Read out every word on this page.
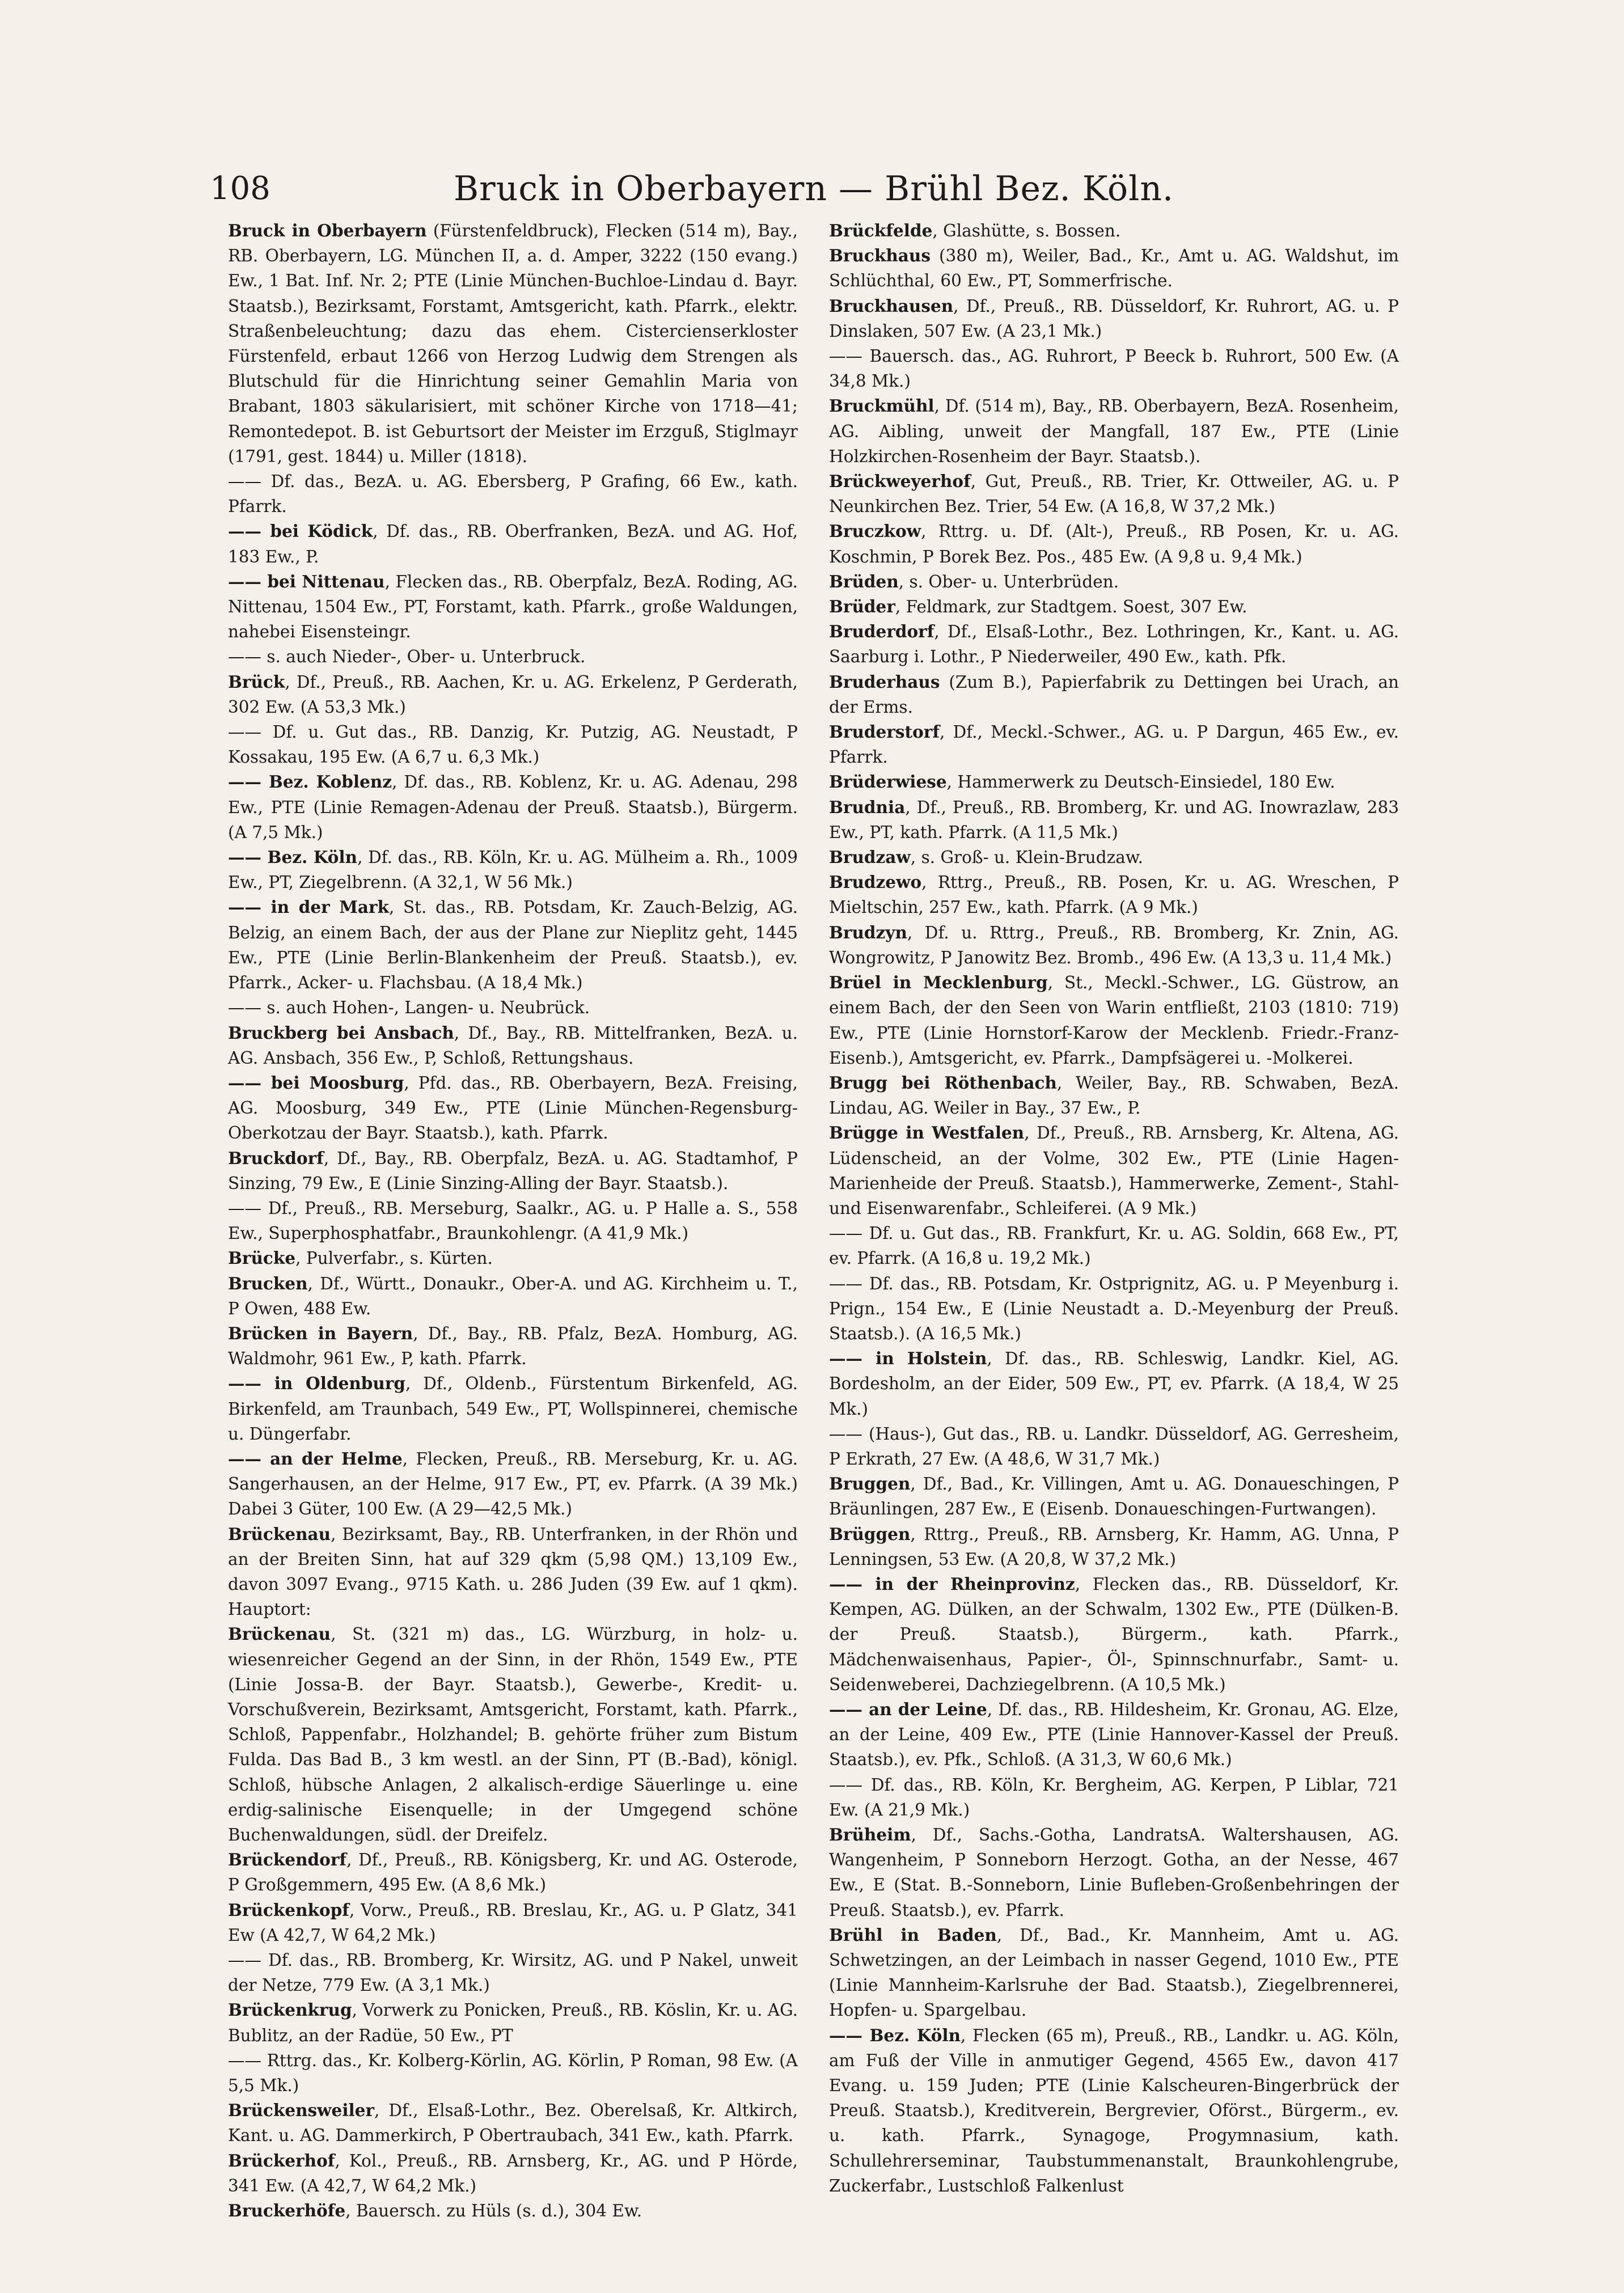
108	Bruck in Oberbayern — Brühl Bez. Köln.

Bruck in Oberbayern (Fürstenfeldbruck), Flecken (514 m), Bay., RB. Oberbayern, LG. München II, a. d. Amper, 3222 (150 evang.) Ew., 1 Bat. Inf. Nr. 2; PTE (Linie München-Buchloe-Lindau d. Bayr. Staatsb.), Bezirksamt, Forstamt, Amtsgericht, kath. Pfarrk., elektr. Straßenbeleuchtung; dazu das ehem. Cistercienserkloster Fürstenfeld, erbaut 1266 von Herzog Ludwig dem Strengen als Blutschuld für die Hinrichtung seiner Gemahlin Maria von Brabant, 1803 säkularisiert, mit schöner Kirche von 1718—41; Remontedepot. B. ist Geburtsort der Meister im Erzguß, Stiglmayr (1791, gest. 1844) u. Miller (1818).

—— Df. das., BezA. u. AG. Ebersberg, P Grafing, 66 Ew., kath. Pfarrk.

—— bei Ködick, Df. das., RB. Oberfranken, BezA. und AG. Hof, 183 Ew., P.

—— bei Nittenau, Flecken das., RB. Oberpfalz, BezA. Roding, AG. Nittenau, 1504 Ew., PT, Forstamt, kath. Pfarrk., große Waldungen, nahebei Eisensteingr.

—— s. auch Nieder-, Ober- u. Unterbruck.

Brück, Df., Preuß., RB. Aachen, Kr. u. AG. Erkelenz, P Gerderath, 302 Ew. (A 53,3 Mk.)

—— Df. u. Gut das., RB. Danzig, Kr. Putzig, AG. Neustadt, P Kossakau, 195 Ew. (A 6,7 u. 6,3 Mk.)

—— Bez. Koblenz, Df. das., RB. Koblenz, Kr. u. AG. Adenau, 298 Ew., PTE (Linie Remagen-Adenau der Preuß. Staatsb.), Bürgerm. (A 7,5 Mk.)

—— Bez. Köln, Df. das., RB. Köln, Kr. u. AG. Mülheim a. Rh., 1009 Ew., PT, Ziegelbrenn. (A 32,1, W 56 Mk.)

—— in der Mark, St. das., RB. Potsdam, Kr. Zauch-Belzig, AG. Belzig, an einem Bach, der aus der Plane zur Nieplitz geht, 1445 Ew., PTE (Linie Berlin-Blankenheim der Preuß. Staatsb.), ev. Pfarrk., Acker- u. Flachsbau. (A 18,4 Mk.)

—— s. auch Hohen-, Langen- u. Neubrück.

Bruckberg bei Ansbach, Df., Bay., RB. Mittelfranken, BezA. u. AG. Ansbach, 356 Ew., P, Schloß, Rettungshaus.

—— bei Moosburg, Pfd. das., RB. Oberbayern, BezA. Freising, AG. Moosburg, 349 Ew., PTE (Linie München-Regensburg-Oberkotzau der Bayr. Staatsb.), kath. Pfarrk.

Bruckdorf, Df., Bay., RB. Oberpfalz, BezA. u. AG. Stadtamhof, P Sinzing, 79 Ew., E (Linie Sinzing-Alling der Bayr. Staatsb.).

—— Df., Preuß., RB. Merseburg, Saalkr., AG. u. P Halle a. S., 558 Ew., Superphosphatfabr., Braunkohlengr. (A 41,9 Mk.)

Brücke, Pulverfabr., s. Kürten.

Brucken, Df., Württ., Donaukr., Ober-A. und AG. Kirchheim u. T., P Owen, 488 Ew.

Brücken in Bayern, Df., Bay., RB. Pfalz, BezA. Homburg, AG. Waldmohr, 961 Ew., P, kath. Pfarrk.

—— in Oldenburg, Df., Oldenb., Fürstentum Birkenfeld, AG. Birkenfeld, am Traunbach, 549 Ew., PT, Wollspinnerei, chemische u. Düngerfabr.

—— an der Helme, Flecken, Preuß., RB. Merseburg, Kr. u. AG. Sangerhausen, an der Helme, 917 Ew., PT, ev. Pfarrk. (A 39 Mk.) Dabei 3 Güter, 100 Ew. (A 29—42,5 Mk.)

Brückenau, Bezirksamt, Bay., RB. Unterfranken, in der Rhön und an der Breiten Sinn, hat auf 329 qkm (5,98 QM.) 13,109 Ew., davon 3097 Evang., 9715 Kath. u. 286 Juden (39 Ew. auf 1 qkm). Hauptort:

Brückenau, St. (321 m) das., LG. Würzburg, in holz- u. wiesenreicher Gegend an der Sinn, in der Rhön, 1549 Ew., PTE (Linie Jossa-B. der Bayr. Staatsb.), Gewerbe-, Kredit- u. Vorschußverein, Bezirksamt, Amtsgericht, Forstamt, kath. Pfarrk., Schloß, Pappenfabr., Holzhandel; B. gehörte früher zum Bistum Fulda. Das Bad B., 3 km westl. an der Sinn, PT (B.-Bad), königl. Schloß, hübsche Anlagen, 2 alkalisch-erdige Säuerlinge u. eine erdig-salinische Eisenquelle; in der Umgegend schöne Buchenwaldungen, südl. der Dreifelz.

Brückendorf, Df., Preuß., RB. Königsberg, Kr. und AG. Osterode, P Großgemmern, 495 Ew. (A 8,6 Mk.)

Brückenkopf, Vorw., Preuß., RB. Breslau, Kr., AG. u. P Glatz, 341 Ew (A 42,7, W 64,2 Mk.)

—— Df. das., RB. Bromberg, Kr. Wirsitz, AG. und P Nakel, unweit der Netze, 779 Ew. (A 3,1 Mk.)

Brückenkrug, Vorwerk zu Ponicken, Preuß., RB. Köslin, Kr. u. AG. Bublitz, an der Radüe, 50 Ew., PT

—— Rttrg. das., Kr. Kolberg-Körlin, AG. Körlin, P Roman, 98 Ew. (A 5,5 Mk.)

Brückensweiler, Df., Elsaß-Lothr., Bez. Oberelsaß, Kr. Altkirch, Kant. u. AG. Dammerkirch, P Obertraubach, 341 Ew., kath. Pfarrk.

Brückerhof, Kol., Preuß., RB. Arnsberg, Kr., AG. und P Hörde, 341 Ew. (A 42,7, W 64,2 Mk.)

Bruckerhöfe, Bauersch. zu Hüls (s. d.), 304 Ew.

Brückfelde, Glashütte, s. Bossen.

Bruckhaus (380 m), Weiler, Bad., Kr., Amt u. AG. Waldshut, im Schlüchthal, 60 Ew., PT, Sommerfrische.

Bruckhausen, Df., Preuß., RB. Düsseldorf, Kr. Ruhrort, AG. u. P Dinslaken, 507 Ew. (A 23,1 Mk.)

—— Bauersch. das., AG. Ruhrort, P Beeck b. Ruhrort, 500 Ew. (A 34,8 Mk.)

Bruckmühl, Df. (514 m), Bay., RB. Oberbayern, BezA. Rosenheim, AG. Aibling, unweit der Mangfall, 187 Ew., PTE (Linie Holzkirchen-Rosenheim der Bayr. Staatsb.).

Brückweyerhof, Gut, Preuß., RB. Trier, Kr. Ottweiler, AG. u. P Neunkirchen Bez. Trier, 54 Ew. (A 16,8, W 37,2 Mk.)

Bruczkow, Rttrg. u. Df. (Alt-), Preuß., RB Posen, Kr. u. AG. Koschmin, P Borek Bez. Pos., 485 Ew. (A 9,8 u. 9,4 Mk.)

Brüden, s. Ober- u. Unterbrüden.

Brüder, Feldmark, zur Stadtgem. Soest, 307 Ew.

Bruderdorf, Df., Elsaß-Lothr., Bez. Lothringen, Kr., Kant. u. AG. Saarburg i. Lothr., P Niederweiler, 490 Ew., kath. Pfk.

Bruderhaus (Zum B.), Papierfabrik zu Dettingen bei Urach, an der Erms.

Bruderstorf, Df., Meckl.-Schwer., AG. u. P Dargun, 465 Ew., ev. Pfarrk.

Brüderwiese, Hammerwerk zu Deutsch-Einsiedel, 180 Ew.

Brudnia, Df., Preuß., RB. Bromberg, Kr. und AG. Inowrazlaw, 283 Ew., PT, kath. Pfarrk. (A 11,5 Mk.)

Brudzaw, s. Groß- u. Klein-Brudzaw.

Brudzewo, Rttrg., Preuß., RB. Posen, Kr. u. AG. Wreschen, P Mieltschin, 257 Ew., kath. Pfarrk. (A 9 Mk.)

Brudzyn, Df. u. Rttrg., Preuß., RB. Bromberg, Kr. Znin, AG. Wongrowitz, P Janowitz Bez. Bromb., 496 Ew. (A 13,3 u. 11,4 Mk.)

Brüel in Mecklenburg, St., Meckl.-Schwer., LG. Güstrow, an einem Bach, der den Seen von Warin entfließt, 2103 (1810: 719) Ew., PTE (Linie Hornstorf-Karow der Mecklenb. Friedr.-Franz-Eisenb.), Amtsgericht, ev. Pfarrk., Dampfsägerei u. -Molkerei.

Brugg bei Röthenbach, Weiler, Bay., RB. Schwaben, BezA. Lindau, AG. Weiler in Bay., 37 Ew., P.

Brügge in Westfalen, Df., Preuß., RB. Arnsberg, Kr. Altena, AG. Lüdenscheid, an der Volme, 302 Ew., PTE (Linie Hagen-Marienheide der Preuß. Staatsb.), Hammerwerke, Zement-, Stahl- und Eisenwarenfabr., Schleiferei. (A 9 Mk.)

—— Df. u. Gut das., RB. Frankfurt, Kr. u. AG. Soldin, 668 Ew., PT, ev. Pfarrk. (A 16,8 u. 19,2 Mk.)

—— Df. das., RB. Potsdam, Kr. Ostprignitz, AG. u. P Meyenburg i. Prign., 154 Ew., E (Linie Neustadt a. D.-Meyenburg der Preuß. Staatsb.). (A 16,5 Mk.)

—— in Holstein, Df. das., RB. Schleswig, Landkr. Kiel, AG. Bordesholm, an der Eider, 509 Ew., PT, ev. Pfarrk. (A 18,4, W 25 Mk.)

—— (Haus-), Gut das., RB. u. Landkr. Düsseldorf, AG. Gerresheim, P Erkrath, 27 Ew. (A 48,6, W 31,7 Mk.)

Bruggen, Df., Bad., Kr. Villingen, Amt u. AG. Donaueschingen, P Bräunlingen, 287 Ew., E (Eisenb. Donaueschingen-Furtwangen).

Brüggen, Rttrg., Preuß., RB. Arnsberg, Kr. Hamm, AG. Unna, P Lenningsen, 53 Ew. (A 20,8, W 37,2 Mk.)

—— in der Rheinprovinz, Flecken das., RB. Düsseldorf, Kr. Kempen, AG. Dülken, an der Schwalm, 1302 Ew., PTE (Dülken-B. der Preuß. Staatsb.), Bürgerm., kath. Pfarrk., Mädchenwaisenhaus, Papier-, Öl-, Spinnschnurfabr., Samt- u. Seidenweberei, Dachziegelbrenn. (A 10,5 Mk.)

—— an der Leine, Df. das., RB. Hildesheim, Kr. Gronau, AG. Elze, an der Leine, 409 Ew., PTE (Linie Hannover-Kassel der Preuß. Staatsb.), ev. Pfk., Schloß. (A 31,3, W 60,6 Mk.)

—— Df. das., RB. Köln, Kr. Bergheim, AG. Kerpen, P Liblar, 721 Ew. (A 21,9 Mk.)

Brüheim, Df., Sachs.-Gotha, LandratsA. Waltershausen, AG. Wangenheim, P Sonneborn Herzogt. Gotha, an der Nesse, 467 Ew., E (Stat. B.-Sonneborn, Linie Bufleben-Großenbehringen der Preuß. Staatsb.), ev. Pfarrk.

Brühl in Baden, Df., Bad., Kr. Mannheim, Amt u. AG. Schwetzingen, an der Leimbach in nasser Gegend, 1010 Ew., PTE (Linie Mannheim-Karlsruhe der Bad. Staatsb.), Ziegelbrennerei, Hopfen- u. Spargelbau.

—— Bez. Köln, Flecken (65 m), Preuß., RB., Landkr. u. AG. Köln, am Fuß der Ville in anmutiger Gegend, 4565 Ew., davon 417 Evang. u. 159 Juden; PTE (Linie Kalscheuren-Bingerbrück der Preuß. Staatsb.), Kreditverein, Bergrevier, Oförst., Bürgerm., ev. u. kath. Pfarrk., Synagoge, Progymnasium, kath. Schullehrerseminar, Taubstummenanstalt, Braunkohlengrube, Zuckerfabr., Lustschloß Falkenlust
